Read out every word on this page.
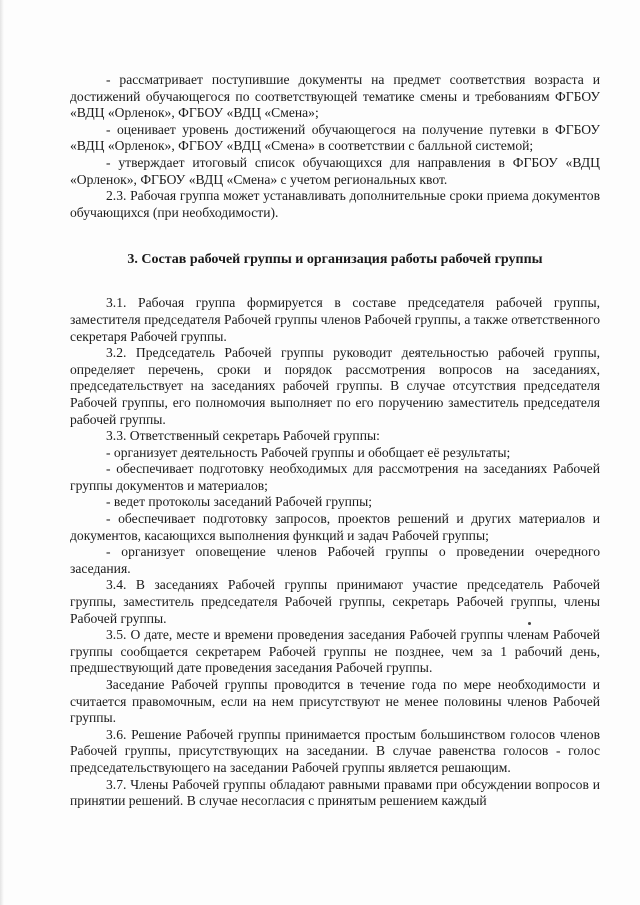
- рассматривает поступившие документы на предмет соответствия возраста и достижений обучающегося по соответствующей тематике смены и требованиям ФГБОУ «ВДЦ «Орленок», ФГБОУ «ВДЦ «Смена»;

- оценивает уровень достижений обучающегося на получение путевки в ФГБОУ «ВДЦ «Орленок», ФГБОУ «ВДЦ «Смена» в соответствии с балльной системой;

- утверждает итоговый список обучающихся для направления в ФГБОУ «ВДЦ «Орленок», ФГБОУ «ВДЦ «Смена» с учетом региональных квот.

2.3. Рабочая группа может устанавливать дополнительные сроки приема документов обучающихся (при необходимости).

3. Состав рабочей группы и организация работы рабочей группы

3.1. Рабочая группа формируется в составе председателя рабочей группы, заместителя председателя Рабочей группы членов Рабочей группы, а также ответственного секретаря Рабочей группы.

3.2. Председатель Рабочей группы руководит деятельностью рабочей группы, определяет перечень, сроки и порядок рассмотрения вопросов на заседаниях, председательствует на заседаниях рабочей группы. В случае отсутствия председателя Рабочей группы, его полномочия выполняет по его поручению заместитель председателя рабочей группы.

3.3. Ответственный секретарь Рабочей группы:

- организует деятельность Рабочей группы и обобщает её результаты;

- обеспечивает подготовку необходимых для рассмотрения на заседаниях Рабочей группы документов и материалов;

- ведет протоколы заседаний Рабочей группы;

- обеспечивает подготовку запросов, проектов решений и других материалов и документов, касающихся выполнения функций и задач Рабочей группы;

- организует оповещение членов Рабочей группы о проведении очередного заседания.

3.4. В заседаниях Рабочей группы принимают участие председатель Рабочей группы, заместитель председателя Рабочей группы, секретарь Рабочей группы, члены Рабочей группы.

3.5. О дате, месте и времени проведения заседания Рабочей группы членам Рабочей группы сообщается секретарем Рабочей группы не позднее, чем за 1 рабочий день, предшествующий дате проведения заседания Рабочей группы.

Заседание Рабочей группы проводится в течение года по мере необходимости и считается правомочным, если на нем присутствуют не менее половины членов Рабочей группы.

3.6. Решение Рабочей группы принимается простым большинством голосов членов Рабочей группы, присутствующих на заседании. В случае равенства голосов - голос председательствующего на заседании Рабочей группы является решающим.

3.7. Члены Рабочей группы обладают равными правами при обсуждении вопросов и принятии решений. В случае несогласия с принятым решением каждый
